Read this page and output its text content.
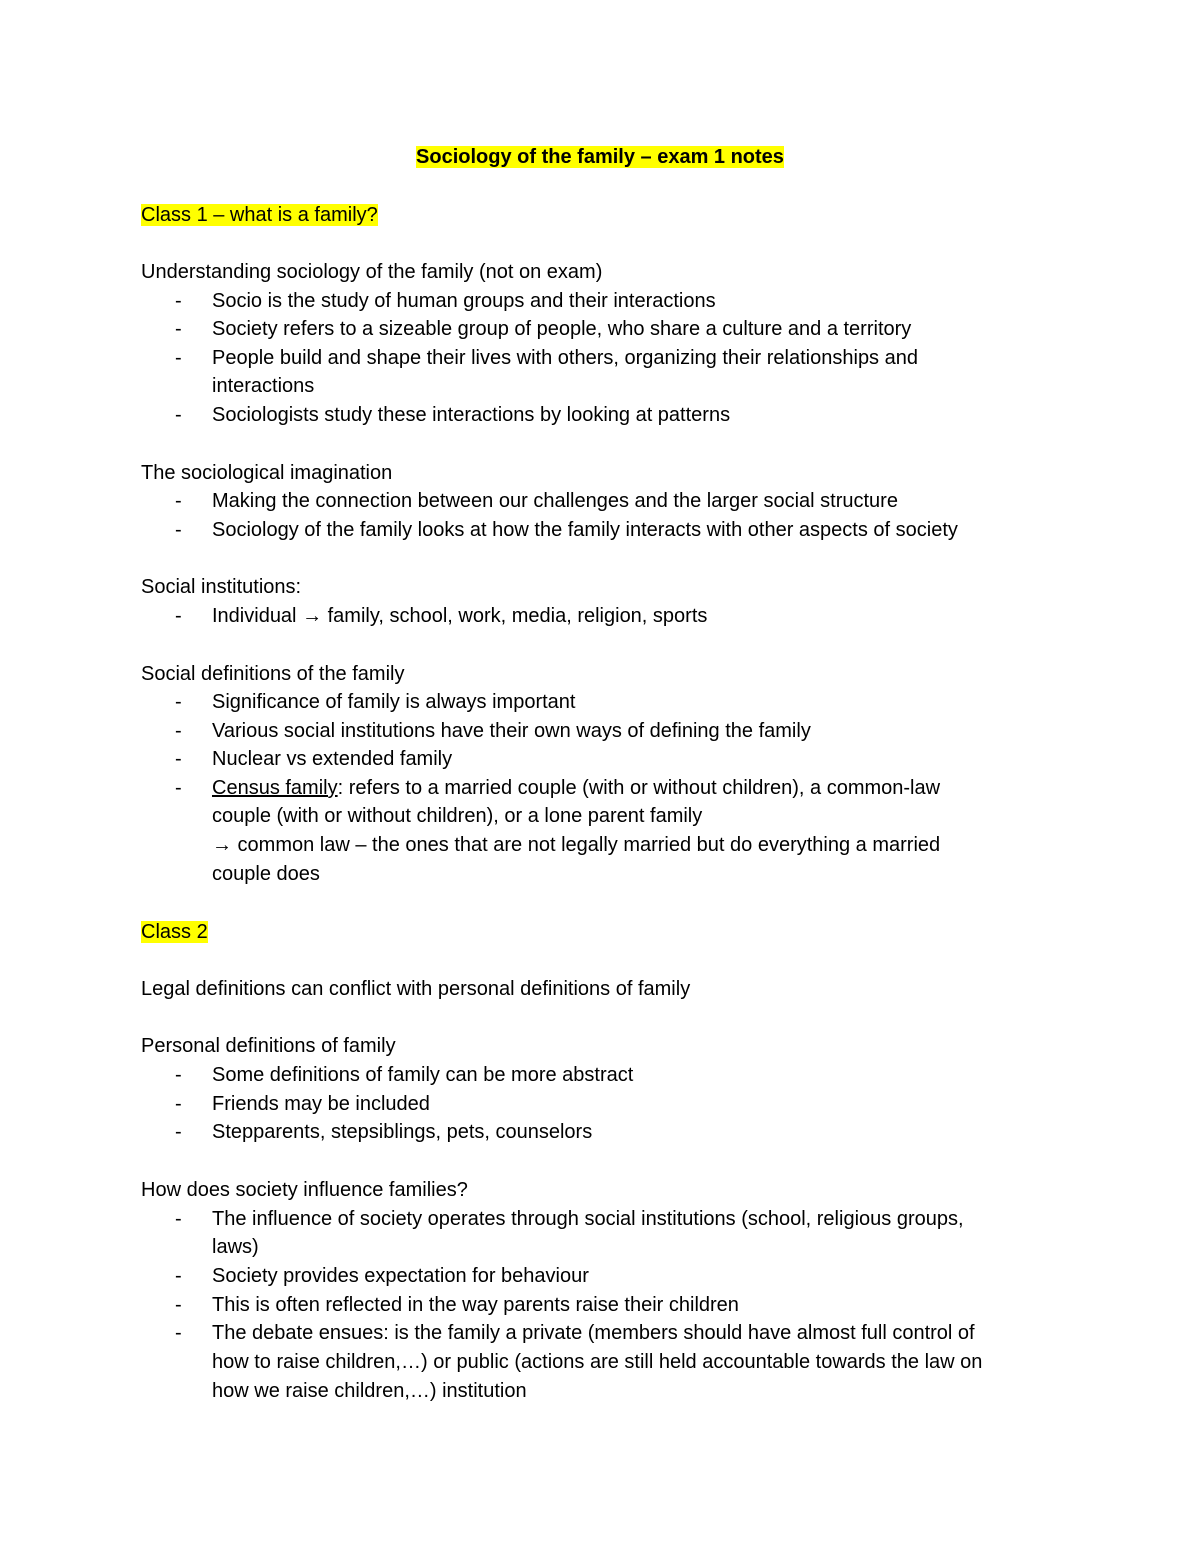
Sociology of the family – exam 1 notes
Class 1 – what is a family?
Understanding sociology of the family (not on exam)
- Socio is the study of human groups and their interactions
- Society refers to a sizeable group of people, who share a culture and a territory
- People build and shape their lives with others, organizing their relationships and
interactions
- Sociologists study these interactions by looking at patterns
The sociological imagination
- Making the connection between our challenges and the larger social structure
- Sociology of the family looks at how the family interacts with other aspects of society
Social institutions:
- Individual → family, school, work, media, religion, sports
Social definitions of the family
- Significance of family is always important
- Various social institutions have their own ways of defining the family
- Nuclear vs extended family
- Census family: refers to a married couple (with or without children), a common-law
couple (with or without children), or a lone parent family
→ common law – the ones that are not legally married but do everything a married
couple does
Class 2
Legal definitions can conflict with personal definitions of family
Personal definitions of family
- Some definitions of family can be more abstract
- Friends may be included
- Stepparents, stepsiblings, pets, counselors
How does society influence families?
- The influence of society operates through social institutions (school, religious groups,
laws)
- Society provides expectation for behaviour
- This is often reflected in the way parents raise their children
- The debate ensues: is the family a private (members should have almost full control of
how to raise children,…) or public (actions are still held accountable towards the law on
how we raise children,…) institution
